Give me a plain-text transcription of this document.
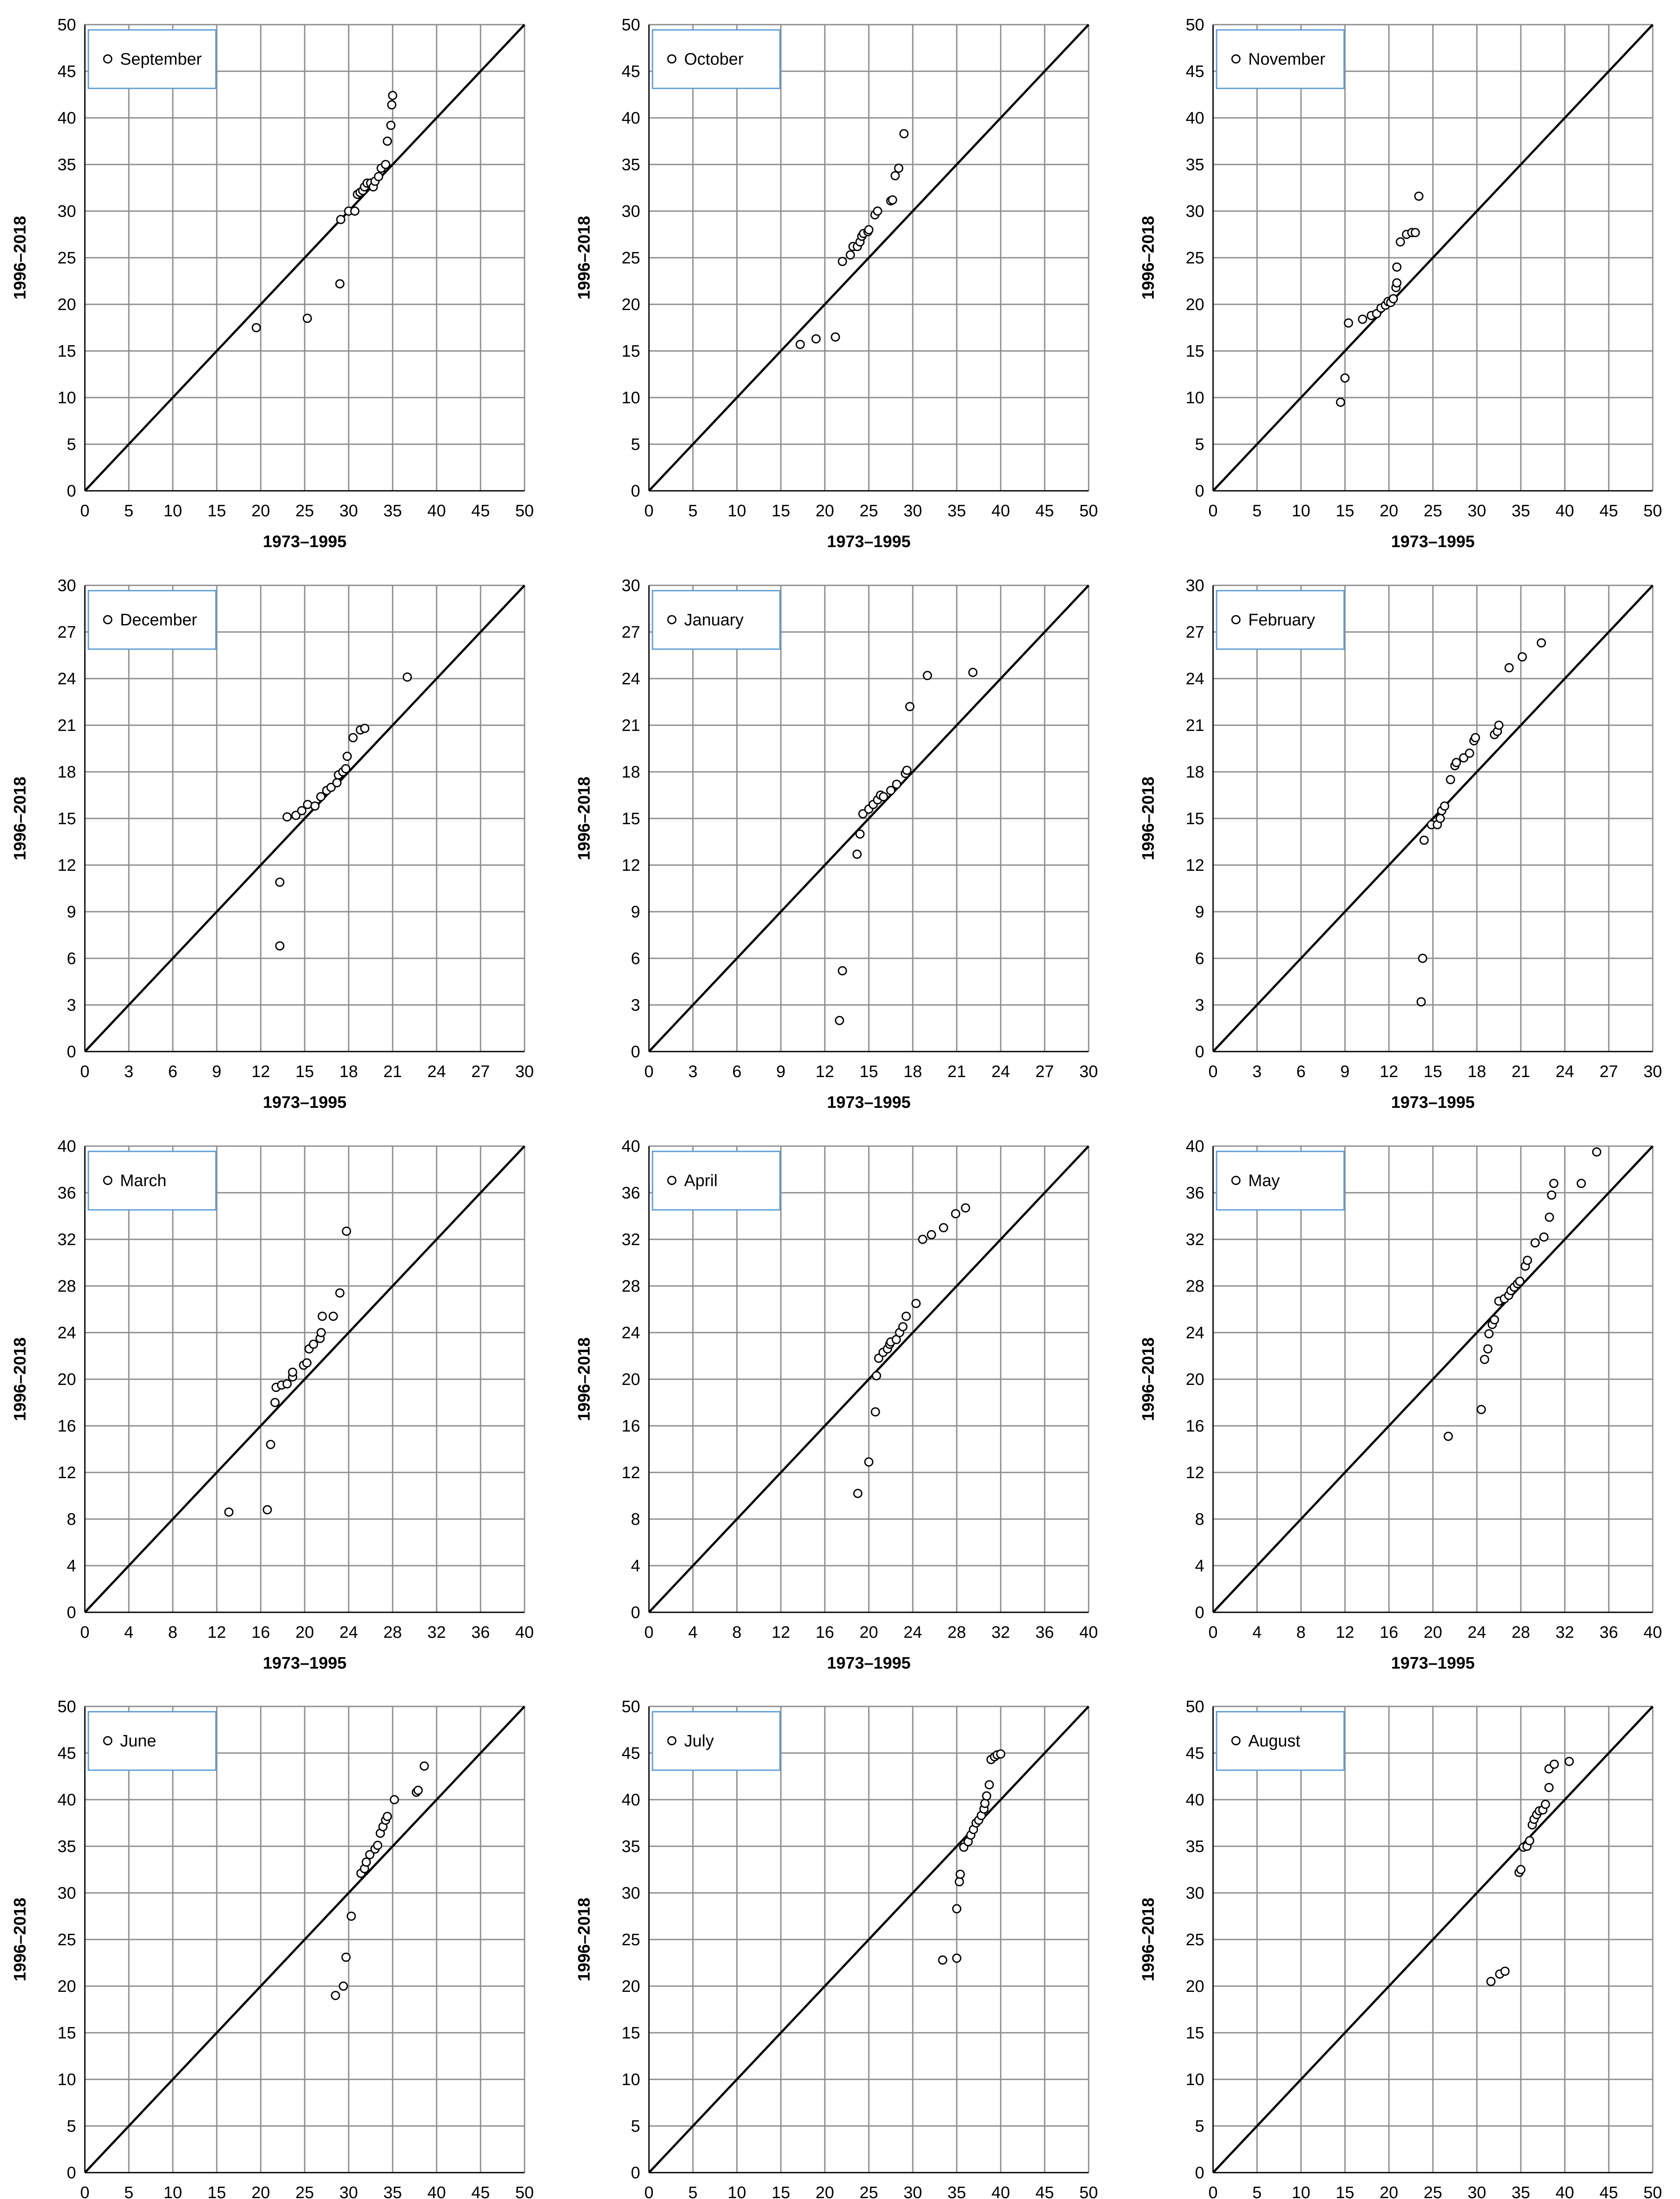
0 5 10 15 20 25 30 35 40 45 50
0
5
10
15
20
25
30
35
40
45
50
1973–1995
1996–2018
September
0 5 10 15 20 25 30 35 40 45 50
0
5
10
15
20
25
30
35
40
45
50
1973–1995
1996–2018
October
0 5 10 15 20 25 30 35 40 45 50
0
5
10
15
20
25
30
35
40
45
50
1973–1995
1996–2018
November
0 3 6 9 12 15 18 21 24 27 30
0
3
6
9
12
15
18
21
24
27
30
1973–1995
1996–2018
December
0 3 6 9 12 15 18 21 24 27 30
0
3
6
9
12
15
18
21
24
27
30
1973–1995
1996–2018
January
0 3 6 9 12 15 18 21 24 27 30
0
3
6
9
12
15
18
21
24
27
30
1973–1995
1996–2018
February
0 4 8 12 16 20 24 28 32 36 40
0
4
8
12
16
20
24
28
32
36
40
1973–1995
1996–2018
March
0 4 8 12 16 20 24 28 32 36 40
0
4
8
12
16
20
24
28
32
36
40
1973–1995
1996–2018
April
0 4 8 12 16 20 24 28 32 36 40
0
4
8
12
16
20
24
28
32
36
40
1973–1995
1996–2018
May
0 5 10 15 20 25 30 35 40 45 50
0
5
10
15
20
25
30
35
40
45
50
1996–2018
June
0 5 10 15 20 25 30 35 40 45 50
0
5
10
15
20
25
30
35
40
45
50
1996–2018
July
0 5 10 15 20 25 30 35 40 45 50
0
5
10
15
20
25
30
35
40
45
50
1996–2018
August
